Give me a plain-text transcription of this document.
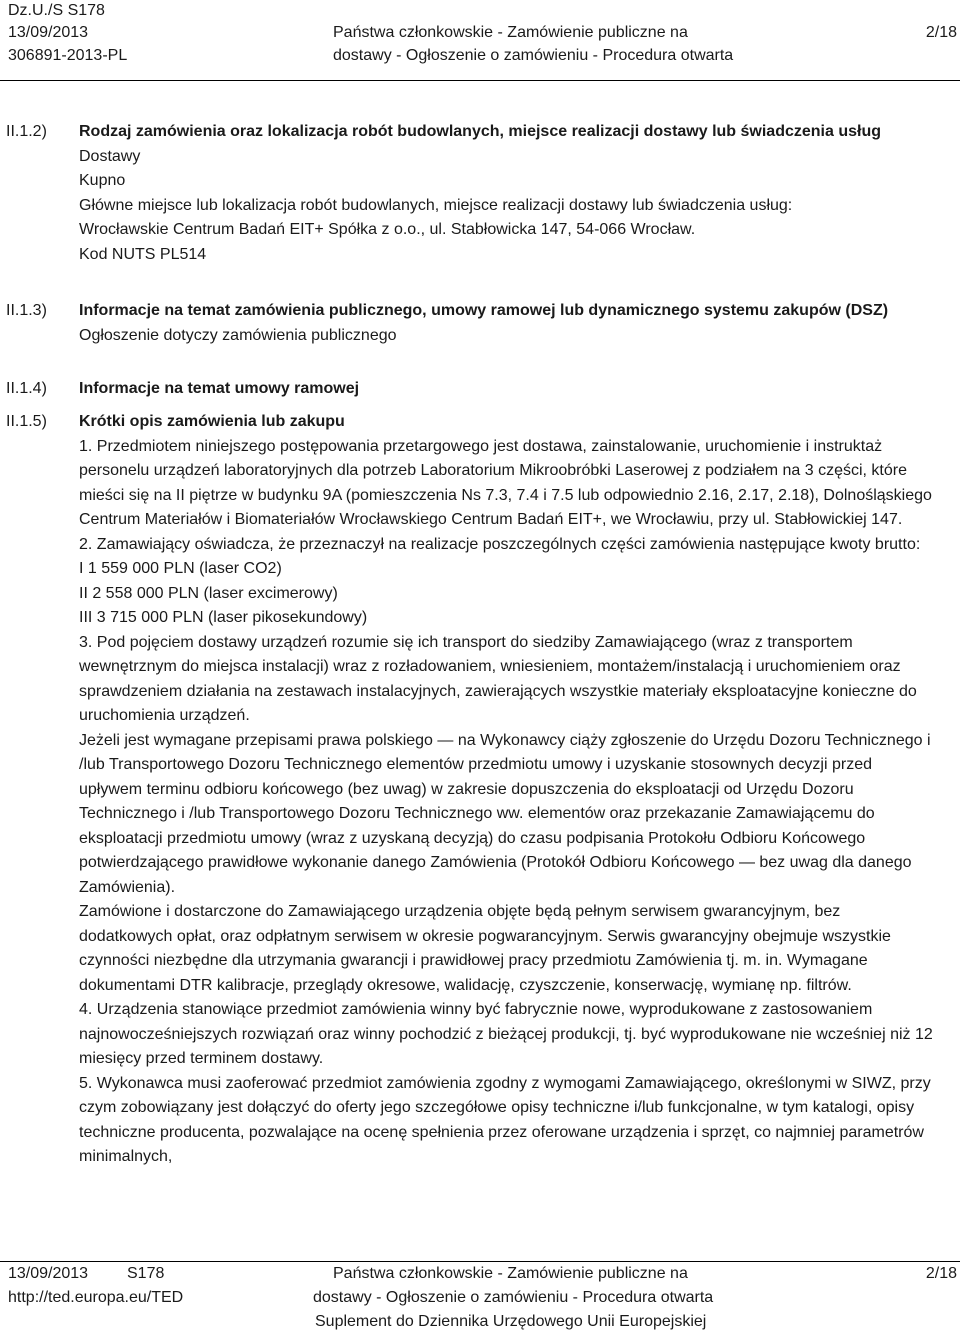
Dz.U./S S178
13/09/2013
306891-2013-PL
Państwa członkowskie - Zamówienie publiczne na
dostawy - Ogłoszenie o zamówieniu - Procedura otwarta
2/18
II.1.2) Rodzaj zamówienia oraz lokalizacja robót budowlanych, miejsce realizacji dostawy lub świadczenia usług

Dostawy

Kupno

Główne miejsce lub lokalizacja robót budowlanych, miejsce realizacji dostawy lub świadczenia usług:

Wrocławskie Centrum Badań EIT+ Spółka z o.o., ul. Stabłowicka 147, 54-066 Wrocław.

Kod NUTS PL514

II.1.3) Informacje na temat zamówienia publicznego, umowy ramowej lub dynamicznego systemu zakupów (DSZ)

Ogłoszenie dotyczy zamówienia publicznego

II.1.4) Informacje na temat umowy ramowej

II.1.5) Krótki opis zamówienia lub zakupu

1. Przedmiotem niniejszego postępowania przetargowego jest dostawa, zainstalowanie, uruchomienie i instruktaż personelu urządzeń laboratoryjnych dla potrzeb Laboratorium Mikroobróbki Laserowej z podziałem na 3 części, które mieści się na II piętrze w budynku 9A (pomieszczenia Ns 7.3, 7.4 i 7.5 lub odpowiednio 2.16, 2.17, 2.18), Dolnośląskiego Centrum Materiałów i Biomateriałów Wrocławskiego Centrum Badań EIT+, we Wrocławiu, przy ul. Stabłowickiej 147.

2. Zamawiający oświadcza, że przeznaczył na realizacje poszczególnych części zamówienia następujące kwoty brutto:

I 1 559 000 PLN (laser CO2)

II 2 558 000 PLN (laser excimerowy)

III 3 715 000 PLN (laser pikosekundowy)

3. Pod pojęciem dostawy urządzeń rozumie się ich transport do siedziby Zamawiającego (wraz z transportem wewnętrznym do miejsca instalacji) wraz z rozładowaniem, wniesieniem, montażem/instalacją i uruchomieniem oraz sprawdzeniem działania na zestawach instalacyjnych, zawierających wszystkie materiały eksploatacyjne konieczne do uruchomienia urządzeń.

Jeżeli jest wymagane przepisami prawa polskiego — na Wykonawcy ciąży zgłoszenie do Urzędu Dozoru Technicznego i /lub Transportowego Dozoru Technicznego elementów przedmiotu umowy i uzyskanie stosownych decyzji przed upływem terminu odbioru końcowego (bez uwag) w zakresie dopuszczenia do eksploatacji od Urzędu Dozoru Technicznego i /lub Transportowego Dozoru Technicznego ww. elementów oraz przekazanie Zamawiającemu do eksploatacji przedmiotu umowy (wraz z uzyskaną decyzją) do czasu podpisania Protokołu Odbioru Końcowego potwierdzającego prawidłowe wykonanie danego Zamówienia (Protokół Odbioru Końcowego — bez uwag dla danego Zamówienia).

Zamówione i dostarczone do Zamawiającego urządzenia objęte będą pełnym serwisem gwarancyjnym, bez dodatkowych opłat, oraz odpłatnym serwisem w okresie pogwarancyjnym. Serwis gwarancyjny obejmuje wszystkie czynności niezbędne dla utrzymania gwarancji i prawidłowej pracy przedmiotu Zamówienia tj. m. in. Wymagane dokumentami DTR kalibracje, przeglądy okresowe, walidację, czyszczenie, konserwację, wymianę np. filtrów.

4. Urządzenia stanowiące przedmiot zamówienia winny być fabrycznie nowe, wyprodukowane z zastosowaniem najnowocześniejszych rozwiązań oraz winny pochodzić z bieżącej produkcji, tj. być wyprodukowane nie wcześniej niż 12 miesięcy przed terminem dostawy.

5. Wykonawca musi zaoferować przedmiot zamówienia zgodny z wymogami Zamawiającego, określonymi w SIWZ, przy czym zobowiązany jest dołączyć do oferty jego szczegółowe opisy techniczne i/lub funkcjonalne, w tym katalogi, opisy techniczne producenta, pozwalające na ocenę spełnienia przez oferowane urządzenia i sprzęt, co najmniej parametrów minimalnych,

13/09/2013 S178
http://ted.europa.eu/TED
Państwa członkowskie - Zamówienie publiczne na
dostawy - Ogłoszenie o zamówieniu - Procedura otwarta
Suplement do Dziennika Urzędowego Unii Europejskiej
2/18
